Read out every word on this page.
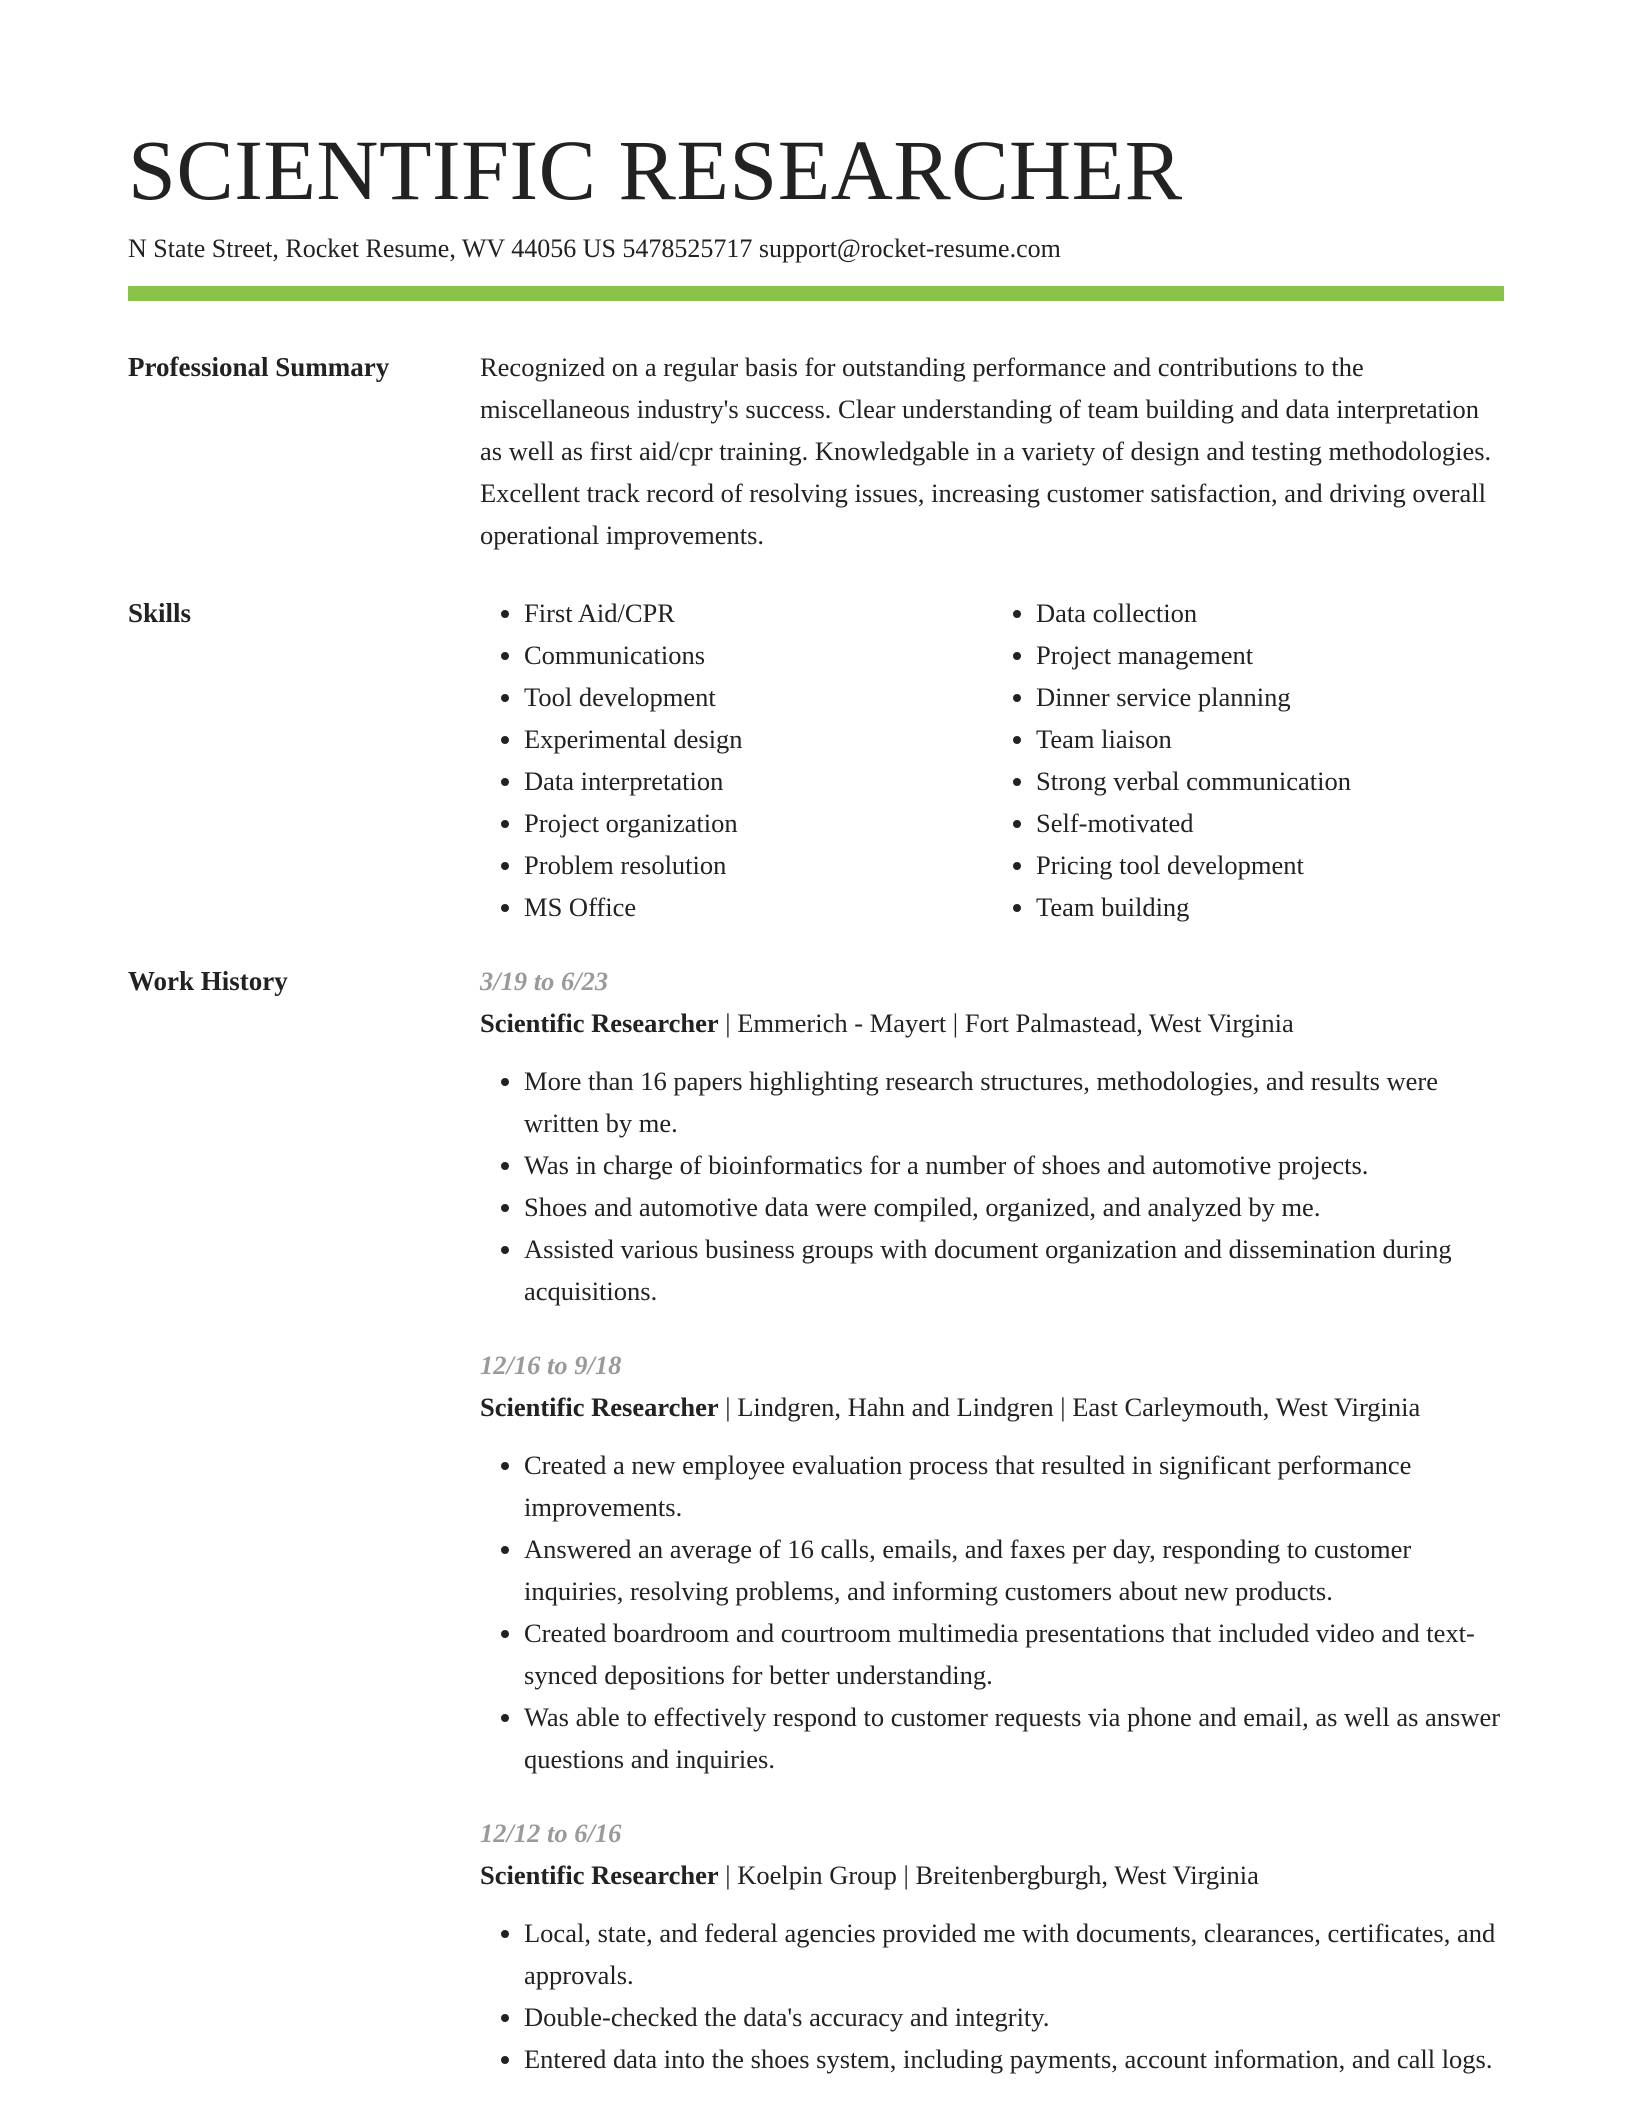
SCIENTIFIC RESEARCHER
N State Street, Rocket Resume, WV 44056 US 5478525717 support@rocket-resume.com
Professional Summary	Recognized on a regular basis for outstanding performance and contributions to the miscellaneous industry's success. Clear understanding of team building and data interpretation as well as first aid/cpr training. Knowledgable in a variety of design and testing methodologies. Excellent track record of resolving issues, increasing customer satisfaction, and driving overall operational improvements.

Skills
•	First Aid/CPR
• Communications
• Tool development
• Experimental design
• Data interpretation
• Project organization
• Problem resolution
• MS Office
• Data collection
• Project management
• Dinner service planning
• Team liaison
• Strong verbal communication
• Self-motivated
• Pricing tool development
• Team building
Work History	3/19 to 6/23
Scientific Researcher | Emmerich - Mayert | Fort Palmastead, West Virginia
• More than 16 papers highlighting research structures, methodologies, and results were written by me.
• Was in charge of bioinformatics for a number of shoes and automotive projects.
• Shoes and automotive data were compiled, organized, and analyzed by me.
• Assisted various business groups with document organization and dissemination during acquisitions.
12/16 to 9/18
Scientific Researcher | Lindgren, Hahn and Lindgren | East Carleymouth, West Virginia
• Created a new employee evaluation process that resulted in significant performance improvements.
• Answered an average of 16 calls, emails, and faxes per day, responding to customer inquiries, resolving problems, and informing customers about new products.
• Created boardroom and courtroom multimedia presentations that included video and text-synced depositions for better understanding.
• Was able to effectively respond to customer requests via phone and email, as well as answer questions and inquiries.
12/12 to 6/16
Scientific Researcher | Koelpin Group | Breitenbergburgh, West Virginia
• Local, state, and federal agencies provided me with documents, clearances, certificates, and approvals.
• Double-checked the data's accuracy and integrity.
• Entered data into the shoes system, including payments, account information, and call logs.
